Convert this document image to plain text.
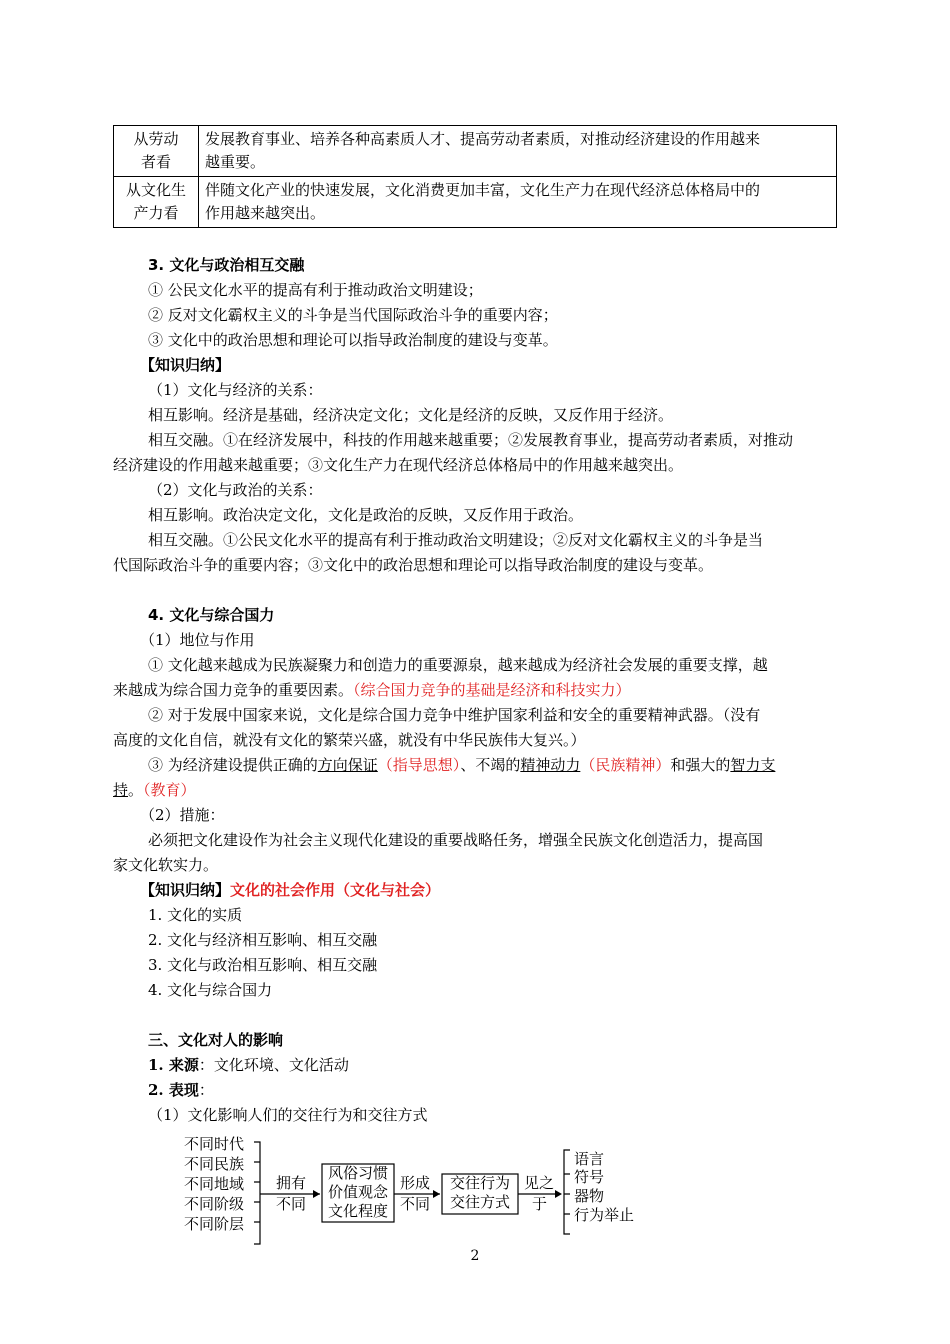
从劳动
者看	发展教育事业、培养各种高素质人才、提高劳动者素质，对推动经济建设的作用越来
越重要。
从文化生
产力看	伴随文化产业的快速发展，文化消费更加丰富，文化生产力在现代经济总体格局中的
作用越来越突出。
3. 文化与政治相互交融
① 公民文化水平的提高有利于推动政治文明建设；
② 反对文化霸权主义的斗争是当代国际政治斗争的重要内容；
③ 文化中的政治思想和理论可以指导政治制度的建设与变革。
【知识归纳】
（1）文化与经济的关系：
相互影响。经济是基础，经济决定文化；文化是经济的反映，又反作用于经济。
相互交融。①在经济发展中，科技的作用越来越重要；②发展教育事业，提高劳动者素质，对推动
经济建设的作用越来越重要；③文化生产力在现代经济总体格局中的作用越来越突出。
（2）文化与政治的关系：
相互影响。政治决定文化，文化是政治的反映，又反作用于政治。
相互交融。①公民文化水平的提高有利于推动政治文明建设；②反对文化霸权主义的斗争是当
代国际政治斗争的重要内容；③文化中的政治思想和理论可以指导政治制度的建设与变革。
4. 文化与综合国力
（1）地位与作用
① 文化越来越成为民族凝聚力和创造力的重要源泉，越来越成为经济社会发展的重要支撑，越
来越成为综合国力竞争的重要因素。（综合国力竞争的基础是经济和科技实力）
② 对于发展中国家来说，文化是综合国力竞争中维护国家利益和安全的重要精神武器。（没有
高度的文化自信，就没有文化的繁荣兴盛，就没有中华民族伟大复兴。）
③ 为经济建设提供正确的方向保证（指导思想）、不竭的精神动力（民族精神）和强大的智力支
持。（教育）
（2）措施：
必须把文化建设作为社会主义现代化建设的重要战略任务，增强全民族文化创造活力，提高国
家文化软实力。
【知识归纳】文化的社会作用（文化与社会）
1. 文化的实质
2. 文化与经济相互影响、相互交融
3. 文化与政治相互影响、相互交融
4. 文化与综合国力
三、文化对人的影响
1. 来源：文化环境、文化活动
2. 表现：
（1）文化影响人们的交往行为和交往方式
不同时代
不同民族
不同地域
不同阶级
不同阶层
拥有
不同
风俗习惯
价值观念
文化程度
形成
不同
交往行为
交往方式
见之
于
语言
符号
器物
行为举止
2
